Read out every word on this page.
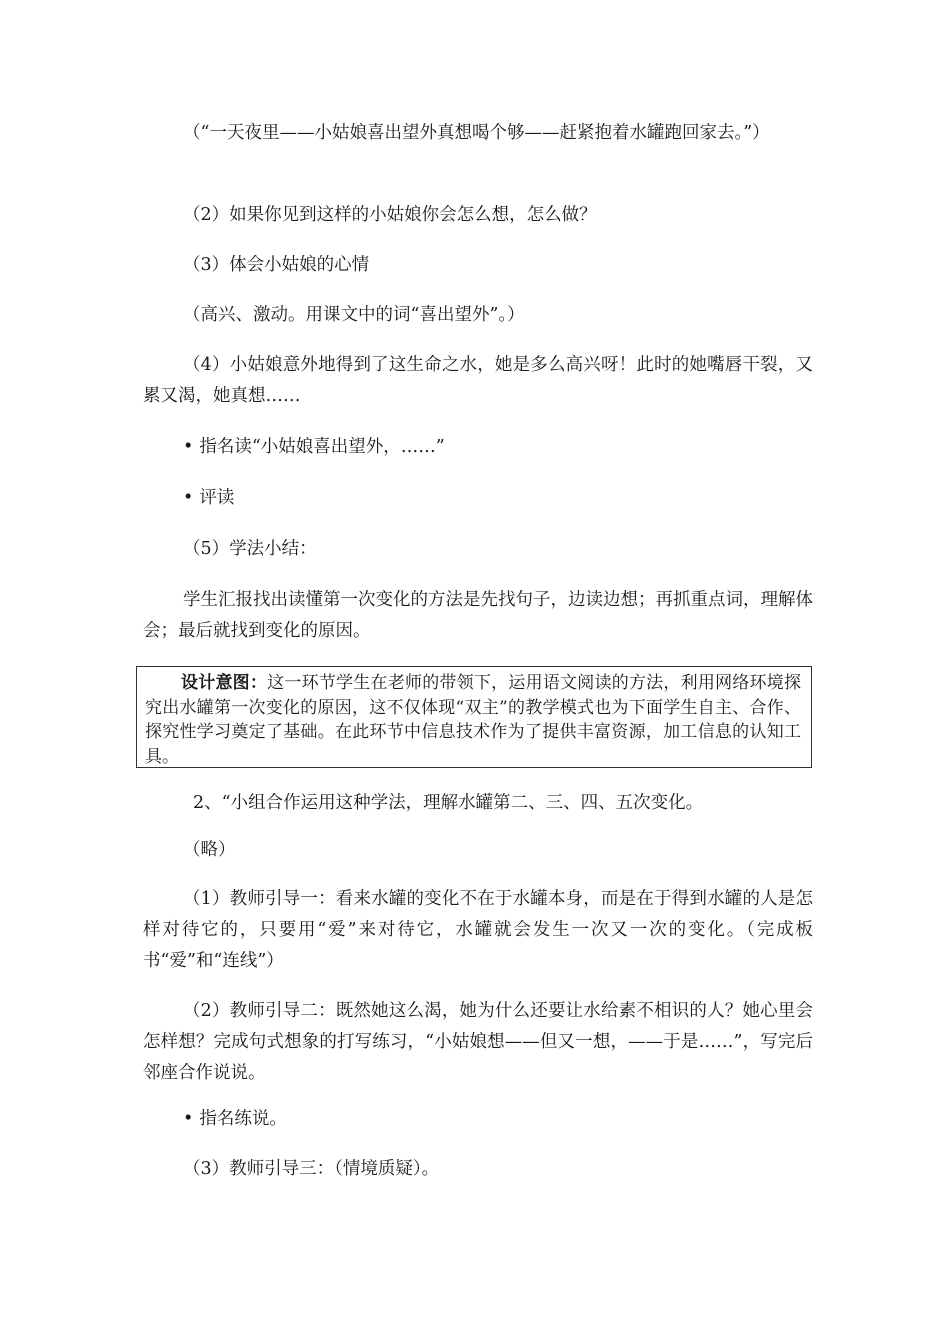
（“一天夜里——小姑娘喜出望外真想喝个够——赶紧抱着水罐跑回家去。”）

（2）如果你见到这样的小姑娘你会怎么想，怎么做？

（3）体会小姑娘的心情

（高兴、激动。用课文中的词“喜出望外”。）

（4）小姑娘意外地得到了这生命之水，她是多么高兴呀！此时的她嘴唇干裂，又累又渴，她真想……

• 指名读“小姑娘喜出望外，……”

• 评读

（5）学法小结：

学生汇报找出读懂第一次变化的方法是先找句子，边读边想；再抓重点词，理解体会；最后就找到变化的原因。

设计意图：这一环节学生在老师的带领下，运用语文阅读的方法，利用网络环境探究出水罐第一次变化的原因，这不仅体现“双主”的教学模式也为下面学生自主、合作、探究性学习奠定了基础。在此环节中信息技术作为了提供丰富资源，加工信息的认知工具。

2、“小组合作运用这种学法，理解水罐第二、三、四、五次变化。

（略）

（1）教师引导一：看来水罐的变化不在于水罐本身，而是在于得到水罐的人是怎样对待它的，只要用“爱”来对待它，水罐就会发生一次又一次的变化。（完成板书“爱”和“连线”）

（2）教师引导二：既然她这么渴，她为什么还要让水给素不相识的人？她心里会怎样想？完成句式想象的打写练习，“小姑娘想——但又一想，——于是……”，写完后邻座合作说说。

• 指名练说。

（3）教师引导三：（情境质疑）。
